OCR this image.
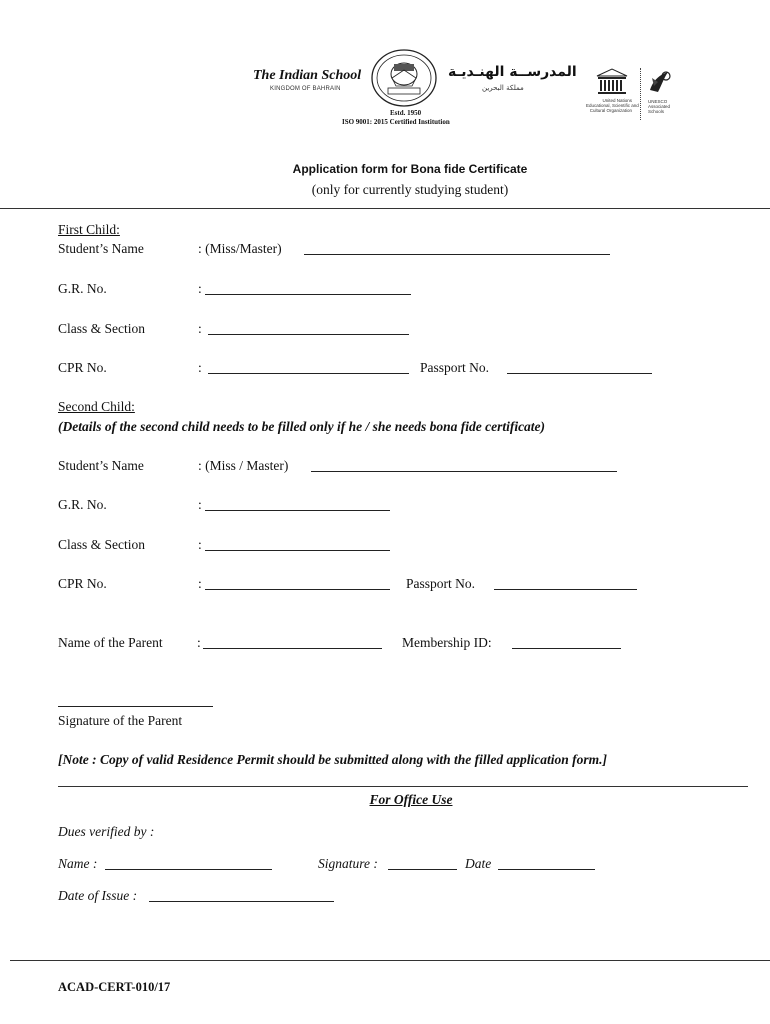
The Indian School
KINGDOM OF BAHRAIN
المدرســة الهنـديـة
مملكة البحرين
Estd. 1950
ISO 9001: 2015 Certified Institution
United Nations
Educational, Scientific and
Cultural Organization
UNESCO
Associated
Schools
Application form for Bona fide Certificate
(only for currently studying student)
First Child:
Student’s Name	: (Miss/Master)
G.R. No.	:
Class & Section	:
CPR No.	:	Passport No.
Second Child:
(Details of the second child needs to be filled only if he / she needs bona fide certificate)
Student’s Name	: (Miss / Master)
G.R. No.	:
Class & Section	:
CPR No.	:	Passport No.
Name of the Parent	:	Membership ID:
Signature of the Parent
[Note : Copy of valid Residence Permit should be submitted along with the filled application form.]
For Office Use
Dues verified by :
Name :	Signature :	Date
Date of Issue :
ACAD-CERT-010/17
